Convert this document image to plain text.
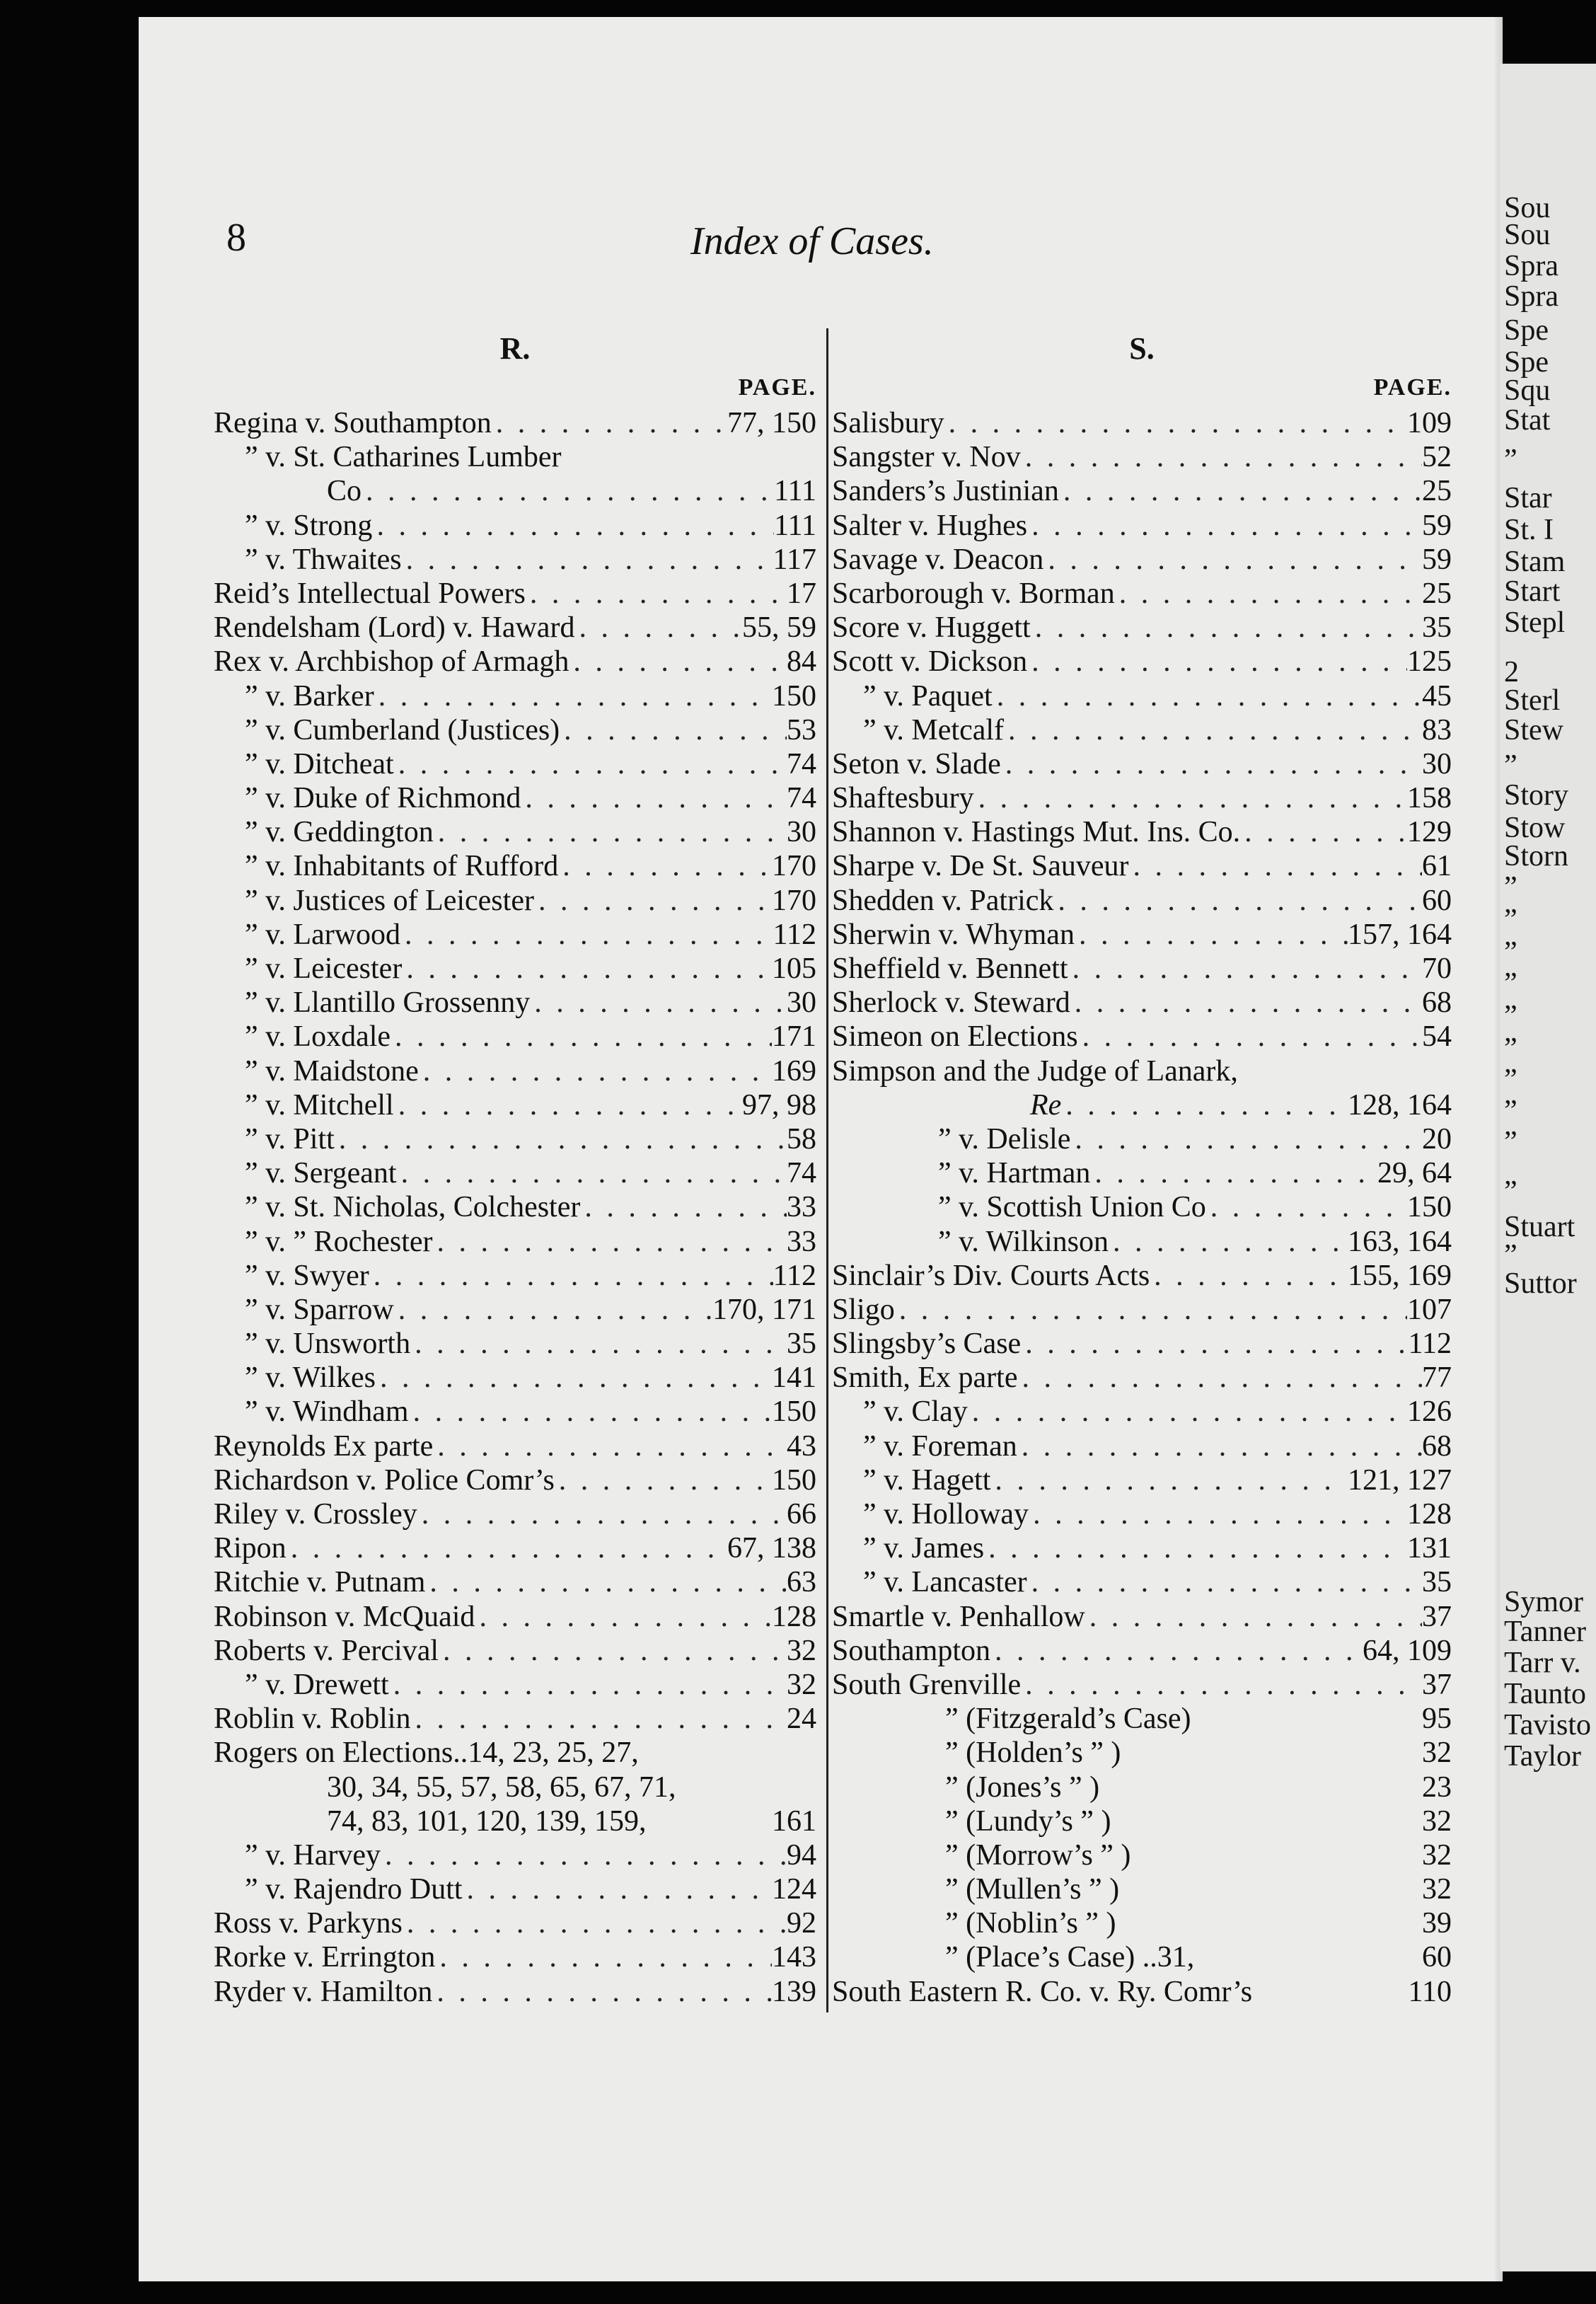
8	Index of Cases.
R.
PAGE.
Regina v. Southampton . . .	77, 150
” v. St. Catharines Lumber
Co . . .	111
” v. Strong . . .	111
” v. Thwaites . . .	117
Reid’s Intellectual Powers . . .	17
Rendelsham (Lord) v. Haward . . .	55, 59
Rex v. Archbishop of Armagh . . .	84
” v. Barker . . .	150
” v. Cumberland (Justices) . . .	53
” v. Ditcheat . . .	74
” v. Duke of Richmond . . .	74
” v. Geddington . . .	30
” v. Inhabitants of Rufford . . .	170
” v. Justices of Leicester . . .	170
” v. Larwood . . .	112
” v. Leicester . . .	105
” v. Llantillo Grossenny . . .	30
” v. Loxdale . . .	171
” v. Maidstone . . .	169
” v. Mitchell . . .	97, 98
” v. Pitt . . .	58
” v. Sergeant . . .	74
” v. St. Nicholas, Colchester . . .	33
” v. ” Rochester . . .	33
” v. Swyer . . .	112
” v. Sparrow . . .	170, 171
” v. Unsworth . . .	35
” v. Wilkes . . .	141
” v. Windham . . .	150
Reynolds Ex parte . . .	43
Richardson v. Police Comr’s . . .	150
Riley v. Crossley . . .	66
Ripon . . .	67, 138
Ritchie v. Putnam . . .	63
Robinson v. McQuaid . . .	128
Roberts v. Percival . . .	32
” v. Drewett . . .	32
Roblin v. Roblin . . .	24
Rogers on Elections..14, 23, 25, 27,
30, 34, 55, 57, 58, 65, 67, 71,
74, 83, 101, 120, 139, 159,	161
” v. Harvey . . .	94
” v. Rajendro Dutt . . .	124
Ross v. Parkyns . . .	92
Rorke v. Errington . . .	143
Ryder v. Hamilton . . .	139
S.
PAGE.
Salisbury . . .	109
Sangster v. Nov . . .	52
Sanders’s Justinian . . .	25
Salter v. Hughes . . .	59
Savage v. Deacon . . .	59
Scarborough v. Borman . . .	25
Score v. Huggett . . .	35
Scott v. Dickson . . .	125
” v. Paquet . . .	45
” v. Metcalf . . .	83
Seton v. Slade . . .	30
Shaftesbury . . .	158
Shannon v. Hastings Mut. Ins. Co. . . .	129
Sharpe v. De St. Sauveur . . .	61
Shedden v. Patrick . . .	60
Sherwin v. Whyman . . .	157, 164
Sheffield v. Bennett . . .	70
Sherlock v. Steward . . .	68
Simeon on Elections . . .	54
Simpson and the Judge of Lanark,
Re . . .	128, 164
” v. Delisle . . .	20
” v. Hartman . . .	29, 64
” v. Scottish Union Co . . .	150
” v. Wilkinson . . .	163, 164
Sinclair’s Div. Courts Acts . . .	155, 169
Sligo . . .	107
Slingsby’s Case . . .	112
Smith, Ex parte . . .	77
” v. Clay . . .	126
” v. Foreman . . .	68
” v. Hagett . . .	121, 127
” v. Holloway . . .	128
” v. James . . .	131
” v. Lancaster . . .	35
Smartle v. Penhallow . . .	37
Southampton . . .	64, 109
South Grenville . . .	37
” (Fitzgerald’s Case)	95
” (Holden’s ” )	32
” (Jones’s ” )	23
” (Lundy’s ” )	32
” (Morrow’s ” )	32
” (Mullen’s ” )	32
” (Noblin’s ” )	39
” (Place’s Case) ..31,	60
South Eastern R. Co. v. Ry. Comr’s	110
Sou
Sou
Spra
Spra
Spe
Spe
Squ
Stat
”
Star
St. I
Stam
Start
Stepl
2
Sterl
Stew
”
Story
Stow
Storn
”
”
”
”
”
”
”
”
”
”
Stuart
”
Suttor
Symor
Tanner
Tarr v.
Taunto
Tavisto
Taylor
